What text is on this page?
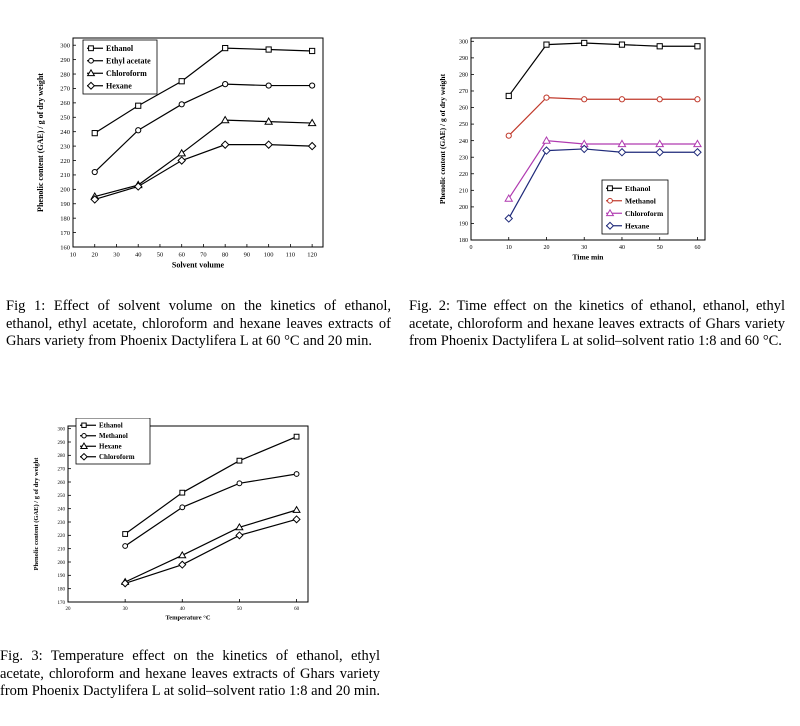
10 20 30 40 50 60 70 80 90 100 110 120
160
170
180
190
200
210
220
230
240
250
260
270
280
290
300
Solvent volume
Phenolic content (GAE) / g of dry weight
Ethanol
Ethyl acetate
Chloroform
Hexane
0	10	20	30	40	50	60
180
190
200
210
220
230
240
250
260
270
280
290
300
Time min
Phenolic content (GAE) / g of dry weight	Ethanol
Methanol
Chloroform
Hexane
20	30	40	50	60
170
180
190
200
210
220
230
240
250
260
270
280
290
300
Temperature °C
Phenolic content (GAE) / g of dry weight
Ethanol
Methanol
Hexane
Chloroform
Fig 1: Effect of solvent volume on the kinetics of ethanol, ethanol, ethyl acetate, chloroform and hexane leaves extracts of Ghars variety from Phoenix Dactylifera L at 60 °C and 20 min.
Fig. 2: Time effect on the kinetics of ethanol, ethanol, ethyl acetate, chloroform and hexane leaves extracts of Ghars variety from Phoenix Dactylifera L at solid–solvent ratio 1:8 and 60 °C.
Fig. 3: Temperature effect on the kinetics of ethanol, ethyl acetate, chloroform and hexane leaves extracts of Ghars variety from Phoenix Dactylifera L at solid–solvent ratio 1:8 and 20 min.
